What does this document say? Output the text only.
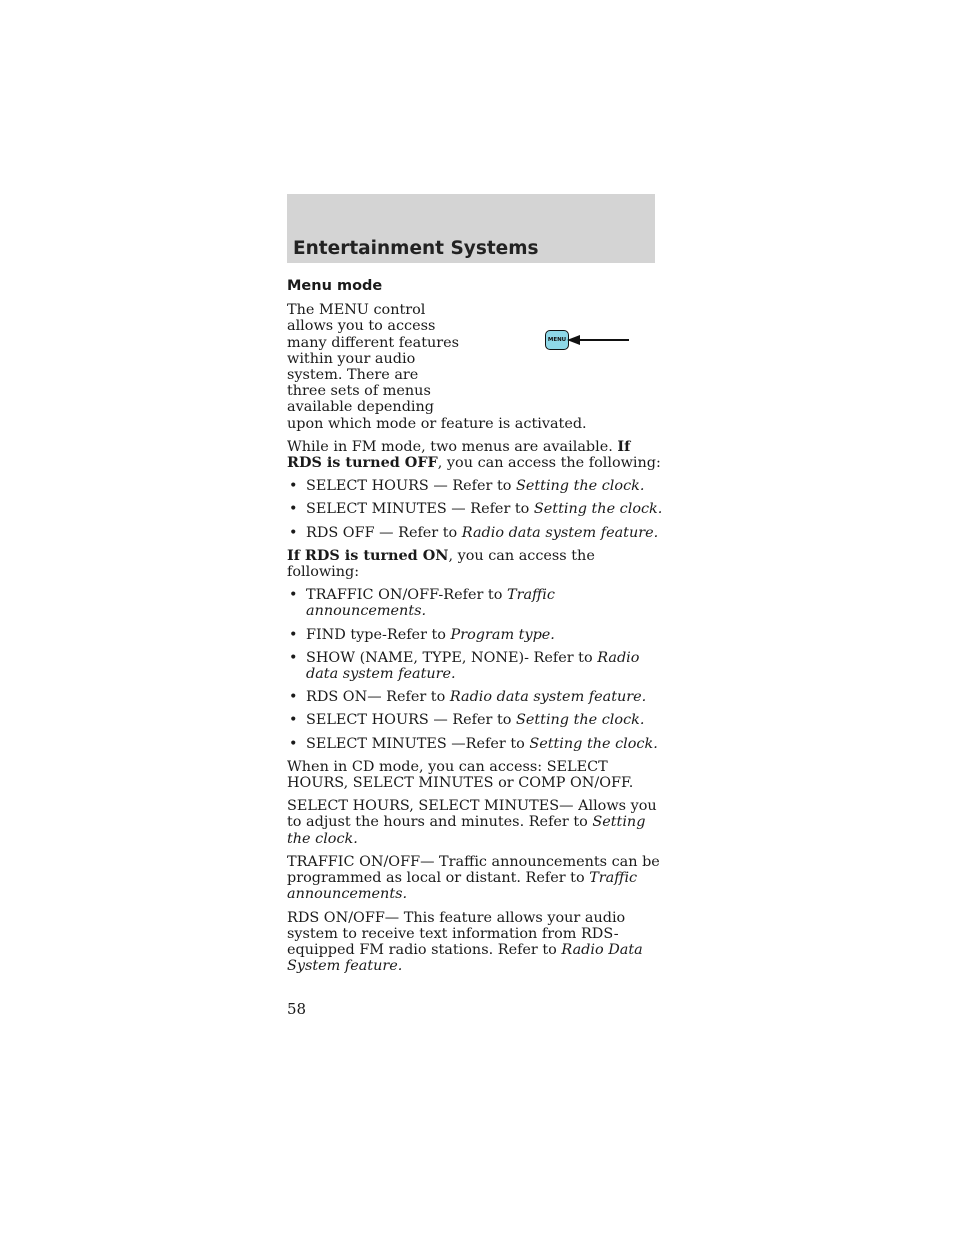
Entertainment Systems
Menu mode

The MENU control
allows you to access
many different features
within your audio
system. There are
three sets of menus
available depending
upon which mode or feature is activated.

MENU

While in FM mode, two menus are available. If RDS is turned OFF, you can access the following:

• SELECT HOURS — Refer to Setting the clock.
• SELECT MINUTES — Refer to Setting the clock.
• RDS OFF — Refer to Radio data system feature.

If RDS is turned ON, you can access the following:

• TRAFFIC ON/OFF-Refer to Traffic announcements.
• FIND type-Refer to Program type.
• SHOW (NAME, TYPE, NONE)- Refer to Radio data system feature.
• RDS ON— Refer to Radio data system feature.
• SELECT HOURS — Refer to Setting the clock.
• SELECT MINUTES —Refer to Setting the clock.

When in CD mode, you can access: SELECT HOURS, SELECT MINUTES or COMP ON/OFF.

SELECT HOURS, SELECT MINUTES— Allows you to adjust the hours and minutes. Refer to Setting the clock.

TRAFFIC ON/OFF— Traffic announcements can be programmed as local or distant. Refer to Traffic announcements.

RDS ON/OFF— This feature allows your audio system to receive text information from RDS-equipped FM radio stations. Refer to Radio Data System feature.

58
